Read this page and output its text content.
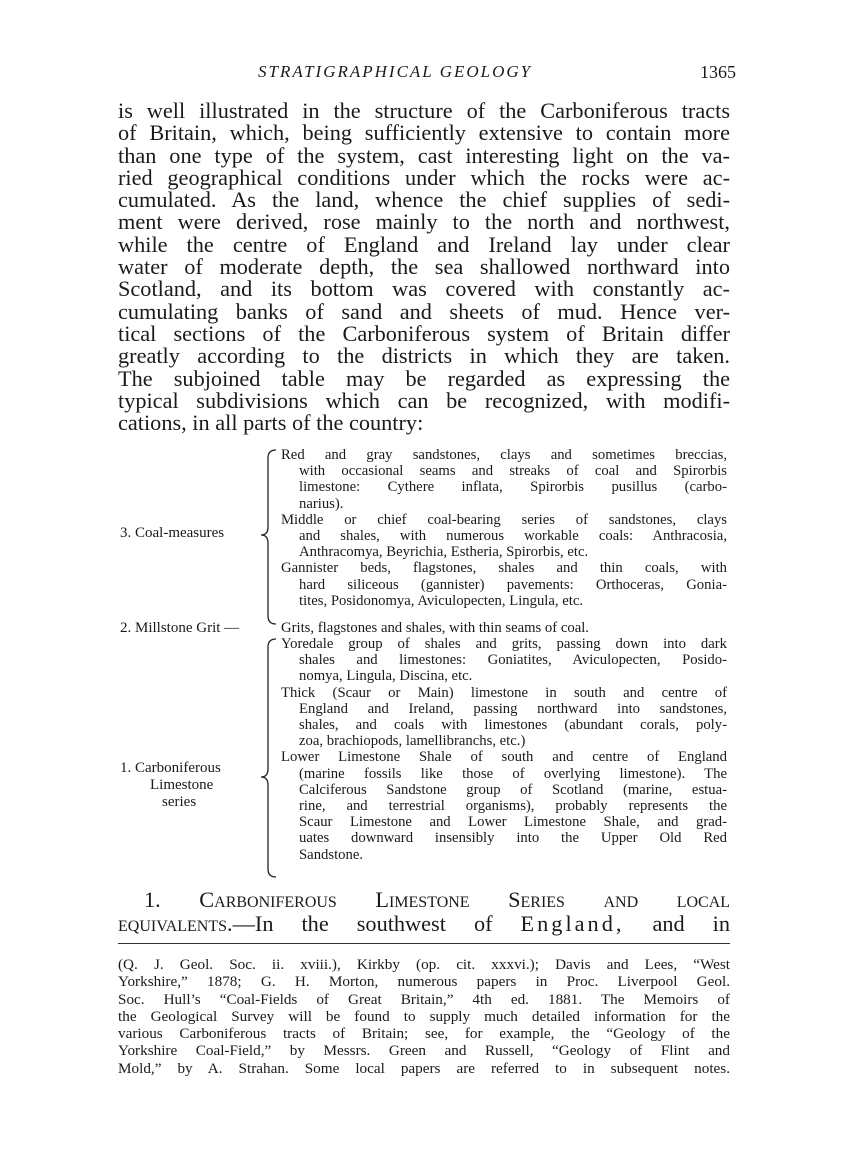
STRATIGRAPHICAL GEOLOGY	1365
is well illustrated in the structure of the Carboniferous tracts
of Britain, which, being sufficiently extensive to contain more
than one type of the system, cast interesting light on the va-
ried geographical conditions under which the rocks were ac-
cumulated. As the land, whence the chief supplies of sedi-
ment were derived, rose mainly to the north and northwest,
while the centre of England and Ireland lay under clear
water of moderate depth, the sea shallowed northward into
Scotland, and its bottom was covered with constantly ac-
cumulating banks of sand and sheets of mud. Hence ver-
tical sections of the Carboniferous system of Britain differ
greatly according to the districts in which they are taken.
The subjoined table may be regarded as expressing the
typical subdivisions which can be recognized, with modifi-
cations, in all parts of the country:
3. Coal-measures
Red and gray sandstones, clays and sometimes breccias,
with occasional seams and streaks of coal and Spirorbis
limestone: Cythere inflata, Spirorbis pusillus (carbo-
narius).
Middle or chief coal-bearing series of sandstones, clays
and shales, with numerous workable coals: Anthracosia,
Anthracomya, Beyrichia, Estheria, Spirorbis, etc.
Gannister beds, flagstones, shales and thin coals, with
hard siliceous (gannister) pavements: Orthoceras, Gonia-
tites, Posidonomya, Aviculopecten, Lingula, etc.
2. Millstone Grit —	Grits, flagstones and shales, with thin seams of coal.
1. Carboniferous
Limestone
series
Yoredale group of shales and grits, passing down into dark
shales and limestones: Goniatites, Aviculopecten, Posido-
nomya, Lingula, Discina, etc.
Thick (Scaur or Main) limestone in south and centre of
England and Ireland, passing northward into sandstones,
shales, and coals with limestones (abundant corals, poly-
zoa, brachiopods, lamellibranchs, etc.)
Lower Limestone Shale of south and centre of England
(marine fossils like those of overlying limestone). The
Calciferous Sandstone group of Scotland (marine, estua-
rine, and terrestrial organisms), probably represents the
Scaur Limestone and Lower Limestone Shale, and grad-
uates downward insensibly into the Upper Old Red
Sandstone.
1. Carboniferous Limestone Series and local
equivalents.—In the southwest of England, and in
(Q. J. Geol. Soc. ii. xviii.), Kirkby (op. cit. xxxvi.); Davis and Lees, “West
Yorkshire,” 1878; G. H. Morton, numerous papers in Proc. Liverpool Geol.
Soc. Hull’s “Coal-Fields of Great Britain,” 4th ed. 1881. The Memoirs of
the Geological Survey will be found to supply much detailed information for the
various Carboniferous tracts of Britain; see, for example, the “Geology of the
Yorkshire Coal-Field,” by Messrs. Green and Russell, “Geology of Flint and
Mold,” by A. Strahan. Some local papers are referred to in subsequent notes.
